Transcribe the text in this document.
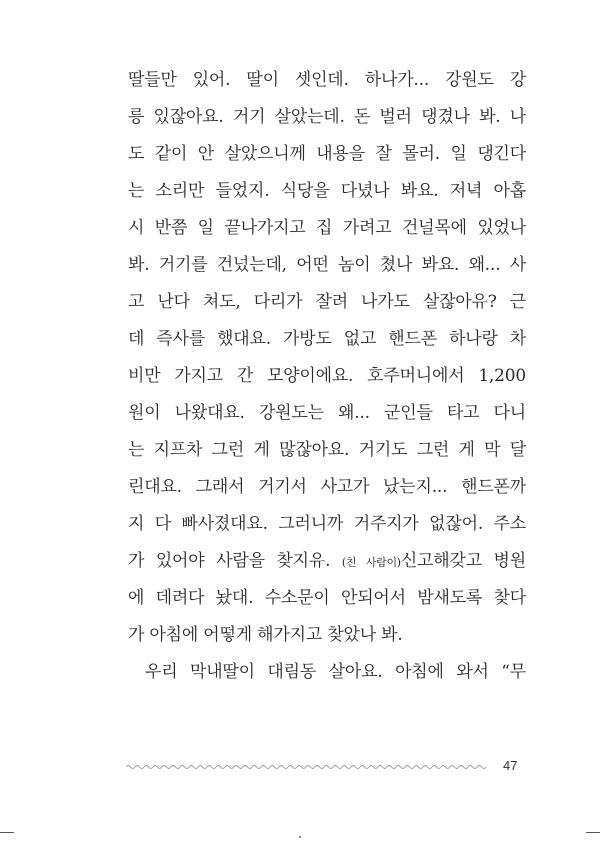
딸들만 있어. 딸이 셋인데. 하나가... 강원도 강
릉 있잖아요. 거기 살았는데. 돈 벌러 댕겼나 봐. 나
도 같이 안 살았으니께 내용을 잘 몰러. 일 댕긴다
는 소리만 들었지. 식당을 다녔나 봐요. 저녁 아홉
시 반쯤 일 끝나가지고 집 가려고 건널목에 있었나
봐. 거기를 건넜는데, 어떤 놈이 쳤나 봐요. 왜... 사
고 난다 쳐도, 다리가 잘려 나가도 살잖아유? 근
데 즉사를 했대요. 가방도 없고 핸드폰 하나랑 차
비만 가지고 간 모양이에요. 호주머니에서 1,200
원이 나왔대요. 강원도는 왜... 군인들 타고 다니
는 지프차 그런 게 많잖아요. 거기도 그런 게 막 달
린대요. 그래서 거기서 사고가 났는지... 핸드폰까
지 다 빠사졌대요. 그러니까 거주지가 없잖어. 주소
가 있어야 사람을 찾지유. (친 사람이)신고해갖고 병원
에 데려다 놨대. 수소문이 안되어서 밤새도록 찾다
가 아침에 어떻게 해가지고 찾았나 봐.
우리 막내딸이 대림동 살아요. 아침에 와서 “무
47
